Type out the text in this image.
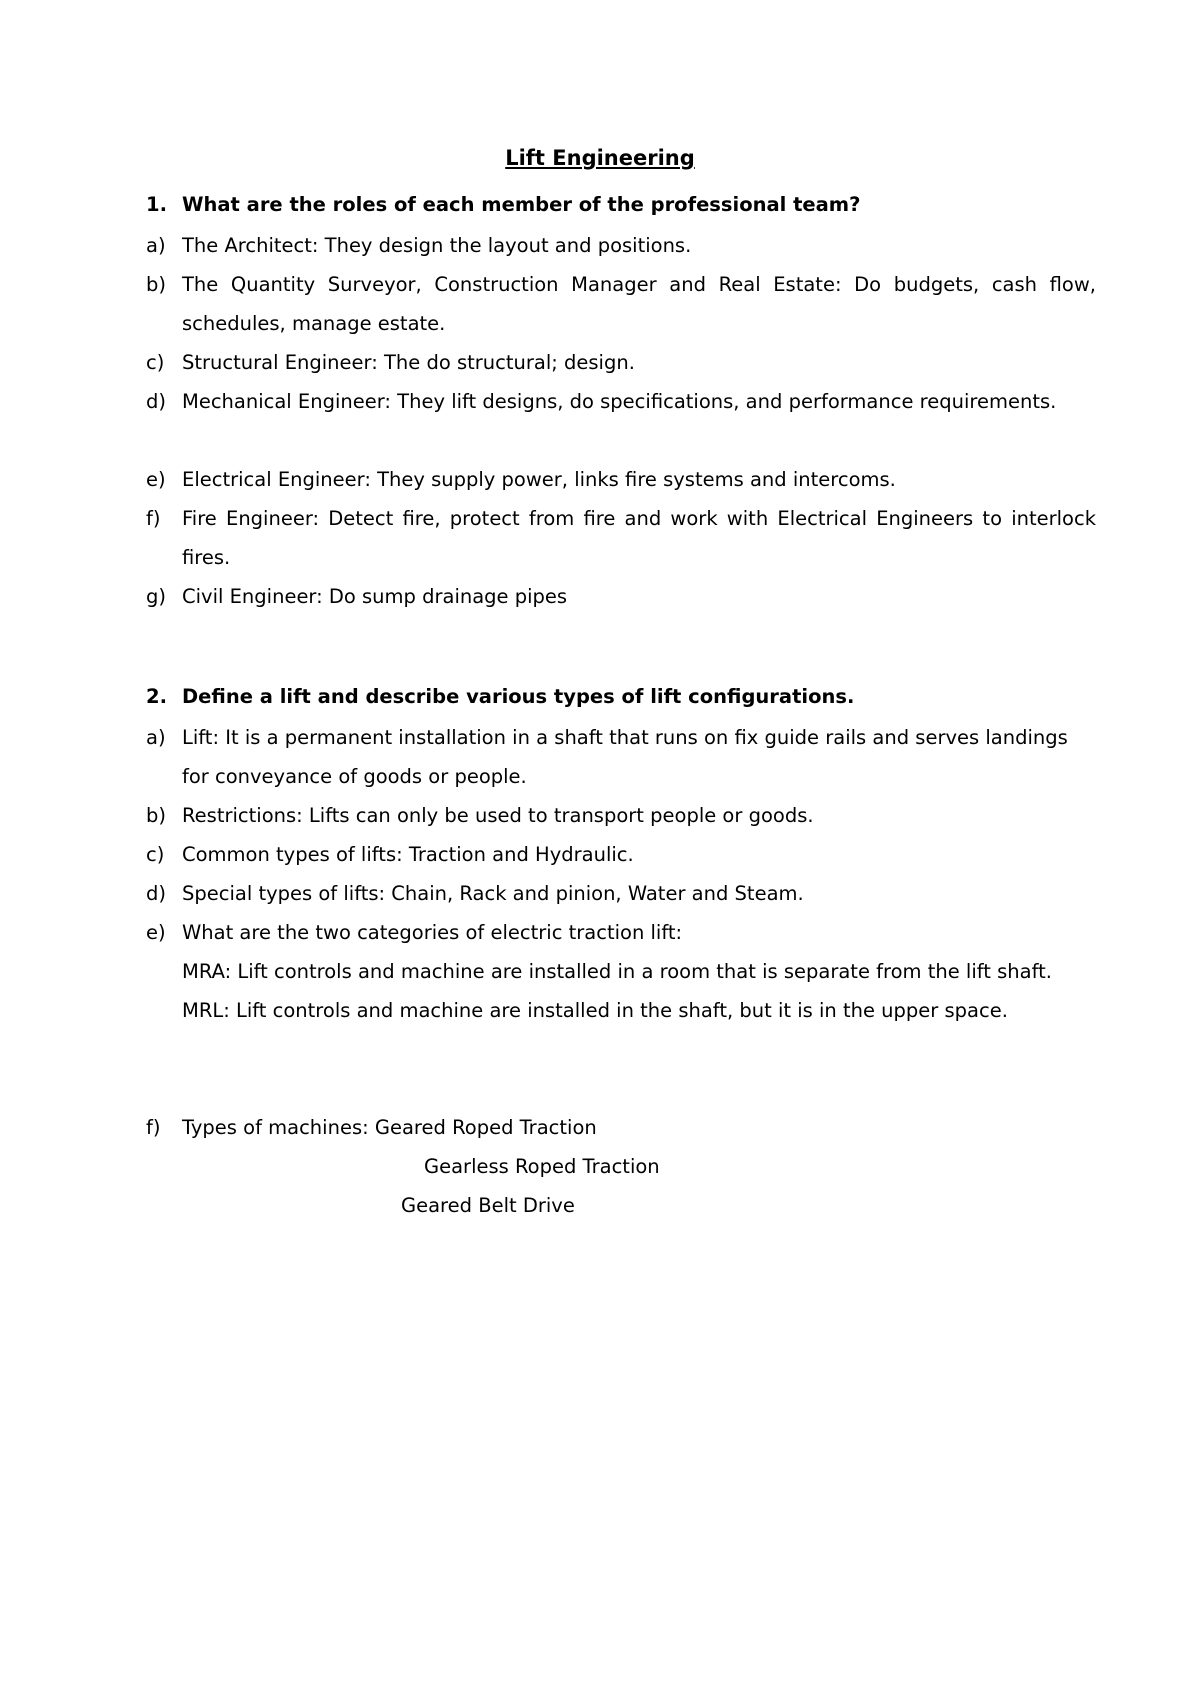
Lift Engineering
1. What are the roles of each member of the professional team?
a) The Architect: They design the layout and positions.
b) The Quantity Surveyor, Construction Manager and Real Estate: Do budgets, cash flow, schedules, manage estate.
c) Structural Engineer: The do structural; design.
d) Mechanical Engineer: They lift designs, do specifications, and performance requirements.
e) Electrical Engineer: They supply power, links fire systems and intercoms.
f) Fire Engineer: Detect fire, protect from fire and work with Electrical Engineers to interlock fires.
g) Civil Engineer: Do sump drainage pipes
2. Define a lift and describe various types of lift configurations.
a) Lift: It is a permanent installation in a shaft that runs on fix guide rails and serves landings for conveyance of goods or people.
b) Restrictions: Lifts can only be used to transport people or goods.
c) Common types of lifts: Traction and Hydraulic.
d) Special types of lifts: Chain, Rack and pinion, Water and Steam.
e) What are the two categories of electric traction lift:
MRA: Lift controls and machine are installed in a room that is separate from the lift shaft.
MRL: Lift controls and machine are installed in the shaft, but it is in the upper space.
f) Types of machines: Geared Roped Traction
Gearless Roped Traction
Geared Belt Drive
